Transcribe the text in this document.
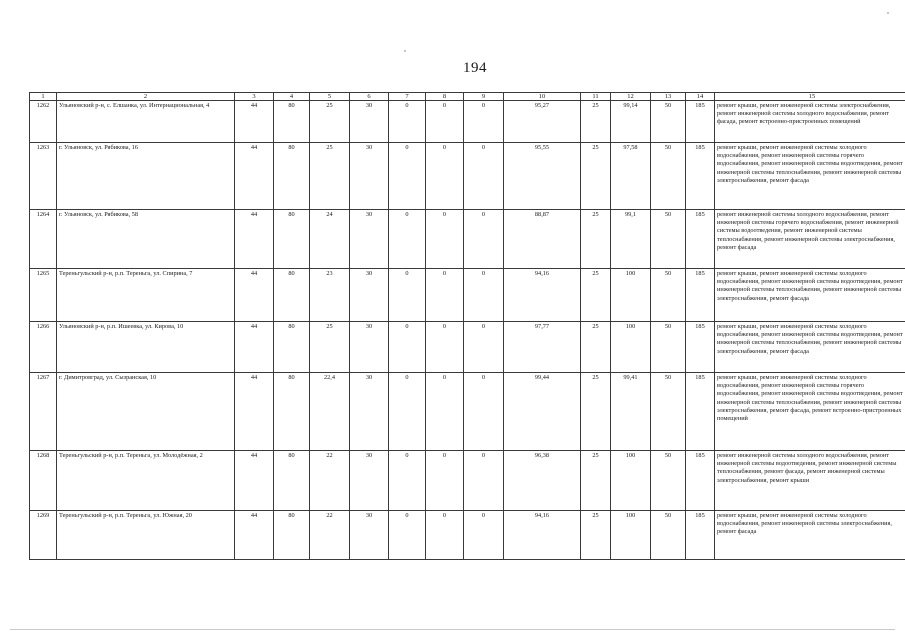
194
1	2	3	4	5	6	7	8	9	10	11	12	13	14	15
1262	Ульяновский р-н, с. Елшанка, ул. Интернациональная, 4	44	80	25	30	0	0	0	95,27	25	99,14	50	185	ремонт крыши, ремонт инженерной системы электроснабжения, ремонт инженерной системы холодного водоснабжения, ремонт фасада, ремонт встроенно-пристроенных помещений
1263	г. Ульяновск, ул. Рябикова, 16	44	80	25	30	0	0	0	95,55	25	97,58	50	185	ремонт крыши, ремонт инженерной системы холодного водоснабжения, ремонт инженерной системы горячего водоснабжения, ремонт инженерной системы водоотведения, ремонт инженерной системы теплоснабжения, ремонт инженерной системы электроснабжения, ремонт фасада
1264	г. Ульяновск, ул. Рябикова, 58	44	80	24	30	0	0	0	88,87	25	99,1	50	185	ремонт инженерной системы холодного водоснабжения, ремонт инженерной системы горячего водоснабжения, ремонт инженерной системы водоотведения, ремонт инженерной системы теплоснабжения, ремонт инженерной системы электроснабжения, ремонт фасада
1265	Тереньгульский р-н, р.п. Тереньга, ул. Спирина, 7	44	80	23	30	0	0	0	94,16	25	100	50	185	ремонт крыши, ремонт инженерной системы холодного водоснабжения, ремонт инженерной системы водоотведения, ремонт инженерной системы теплоснабжения, ремонт инженерной системы электроснабжения, ремонт фасада
1266	Ульяновский р-н, р.п. Ишеевка, ул. Кирова, 10	44	80	25	30	0	0	0	97,77	25	100	50	185	ремонт крыши, ремонт инженерной системы холодного водоснабжения, ремонт инженерной системы водоотведения, ремонт инженерной системы теплоснабжения, ремонт инженерной системы электроснабжения, ремонт фасада
1267	г. Димитровград, ул. Сызранская, 10	44	80	22,4	30	0	0	0	99,44	25	99,41	50	185	ремонт крыши, ремонт инженерной системы холодного водоснабжения, ремонт инженерной системы горячего водоснабжения, ремонт инженерной системы водоотведения, ремонт инженерной системы теплоснабжения, ремонт инженерной системы электроснабжения, ремонт фасада, ремонт встроенно-пристроенных помещений
1268	Тереньгульский р-н, р.п. Тереньга, ул. Молодёжная, 2	44	80	22	30	0	0	0	96,38	25	100	50	185	ремонт инженерной системы холодного водоснабжения, ремонт инженерной системы водоотведения, ремонт инженерной системы теплоснабжения, ремонт фасада, ремонт инженерной системы электроснабжения, ремонт крыши
1269	Тереньгульский р-н, р.п. Тереньга, ул. Южная, 20	44	80	22	30	0	0	0	94,16	25	100	50	185	ремонт крыши, ремонт инженерной системы холодного водоснабжения, ремонт инженерной системы электроснабжения, ремонт фасада
